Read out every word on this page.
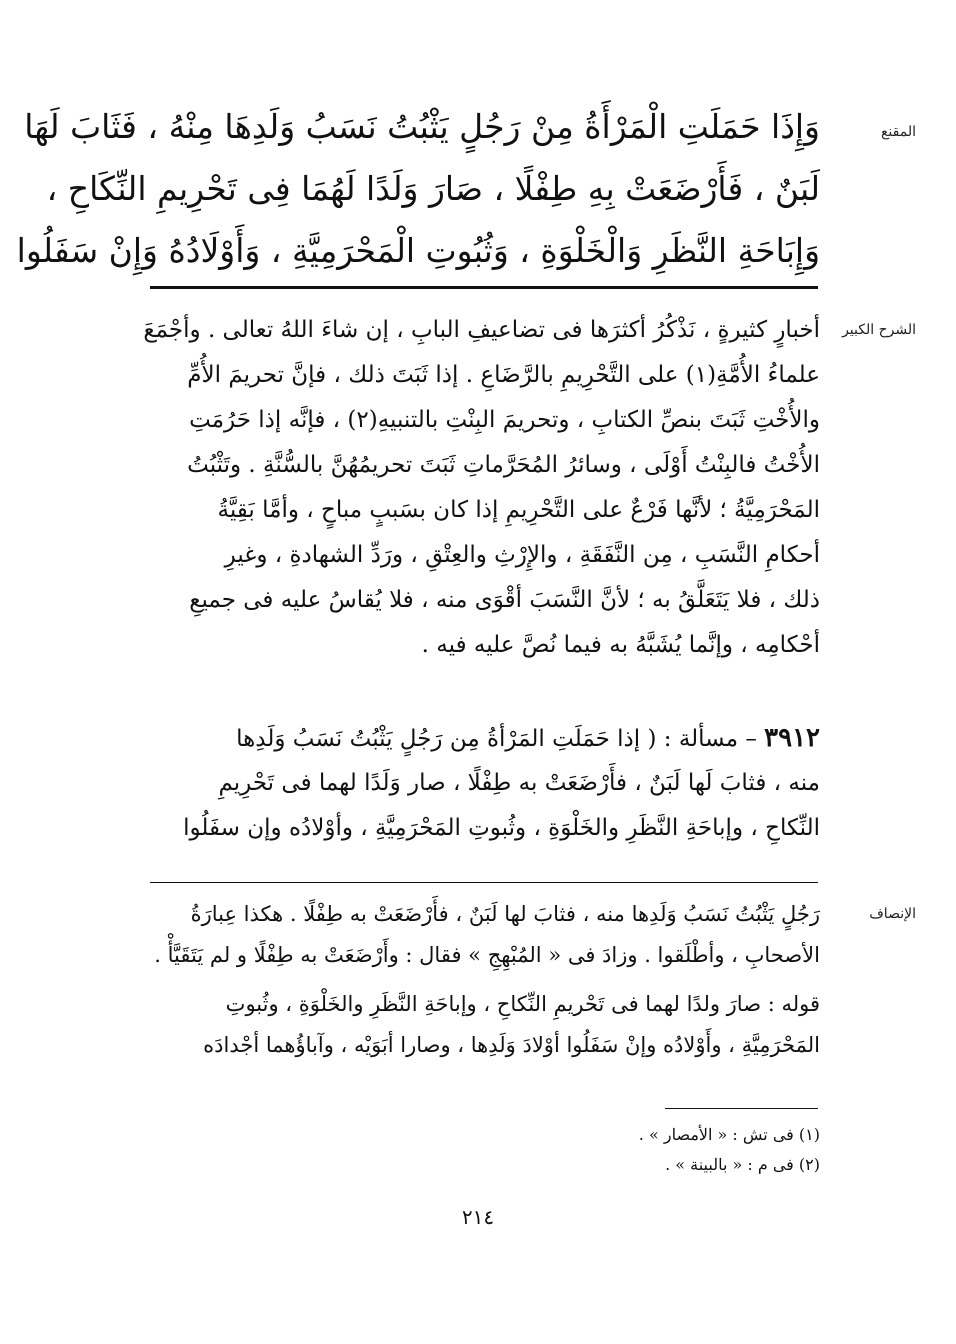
المقنع
وَإِذَا حَمَلَتِ الْمَرْأَةُ مِنْ رَجُلٍ يَثْبُتُ نَسَبُ وَلَدِهَا مِنْهُ ، فَثَابَ لَهَا
لَبَنٌ ، فَأَرْضَعَتْ بِهِ طِفْلًا ، صَارَ وَلَدًا لَهُمَا فِى تَحْرِيمِ النِّكَاحِ ،
وَإِبَاحَةِ النَّظَرِ وَالْخَلْوَةِ ، وَثُبُوتِ الْمَحْرَمِيَّةِ ، وَأَوْلَادُهُ وَإِنْ سَفَلُوا
الشرح الكبير
أخبارٍ كثيرةٍ ، نَذْكُرُ أكثرَها فى تضاعيفِ البابِ ، إن شاءَ اللهُ تعالى . وأجْمَعَ
علماءُ الأُمَّةِ(١) على التَّحْرِيمِ بالرَّضَاعِ . إذا ثَبَتَ ذلك ، فإنَّ تحريمَ الأُمِّ
والأُخْتِ ثَبَتَ بنصِّ الكتابِ ، وتحريمَ البِنْتِ بالتنبيهِ(٢) ، فإنَّه إذا حَرُمَتِ
الأُخْتُ فالبِنْتُ أَوْلَى ، وسائرُ المُحَرَّماتِ ثَبَتَ تحريمُهُنَّ بالسُّنَّةِ . وتَثْبُتُ
المَحْرَمِيَّةُ ؛ لأنَّها فَرْعٌ على التَّحْرِيمِ إذا كان بسَببٍ مباحٍ ، وأمَّا بَقِيَّةُ
أحكامِ النَّسَبِ ، مِن النَّفَقَةِ ، والإِرْثِ والعِتْقِ ، ورَدِّ الشهادةِ ، وغيرِ
ذلك ، فلا يَتَعَلَّقُ به ؛ لأنَّ النَّسَبَ أقْوَى منه ، فلا يُقاسُ عليه فى جميعِ
أحْكامِه ، وإنَّما يُشَبَّهُ به فيما نُصَّ عليه فيه .
٣٩١٢ – مسألة : ( إذا حَمَلَتِ المَرْأةُ مِن رَجُلٍ يَثْبُتُ نَسَبُ وَلَدِها
منه ، فثابَ لَها لَبَنٌ ، فأَرْضَعَتْ به طِفْلًا ، صار وَلَدًا لهما فى تَحْرِيمِ
النِّكاحِ ، وإباحَةِ النَّظَرِ والخَلْوَةِ ، وثُبوتِ المَحْرَمِيَّةِ ، وأوْلادُه وإن سفَلُوا
الإنصاف
رَجُلٍ يَثْبُتُ نَسَبُ وَلَدِها منه ، فثابَ لها لَبَنٌ ، فأَرْضَعَتْ به طِفْلًا . هكذا عِبارَةُ
الأصحابِ ، وأطْلَقوا . وزادَ فى « المُبْهِجِ » فقال : وأَرْضَعَتْ به طِفْلًا و لم يَتَقَيَّأْ .
قوله : صارَ ولدًا لهما فى تَحْريمِ النِّكاحِ ، وإباحَةِ النَّظَرِ والخَلْوَةِ ، وثُبوتِ
المَحْرَمِيَّةِ ، وأَوْلادُه وإنْ سَفَلُوا أوْلادَ وَلَدِها ، وصارا أبَوَيْه ، وآباؤُهما أجْدادَه
(١) فى تش : « الأمصار » .
(٢) فى م : « بالبينة » .
٢١٤
